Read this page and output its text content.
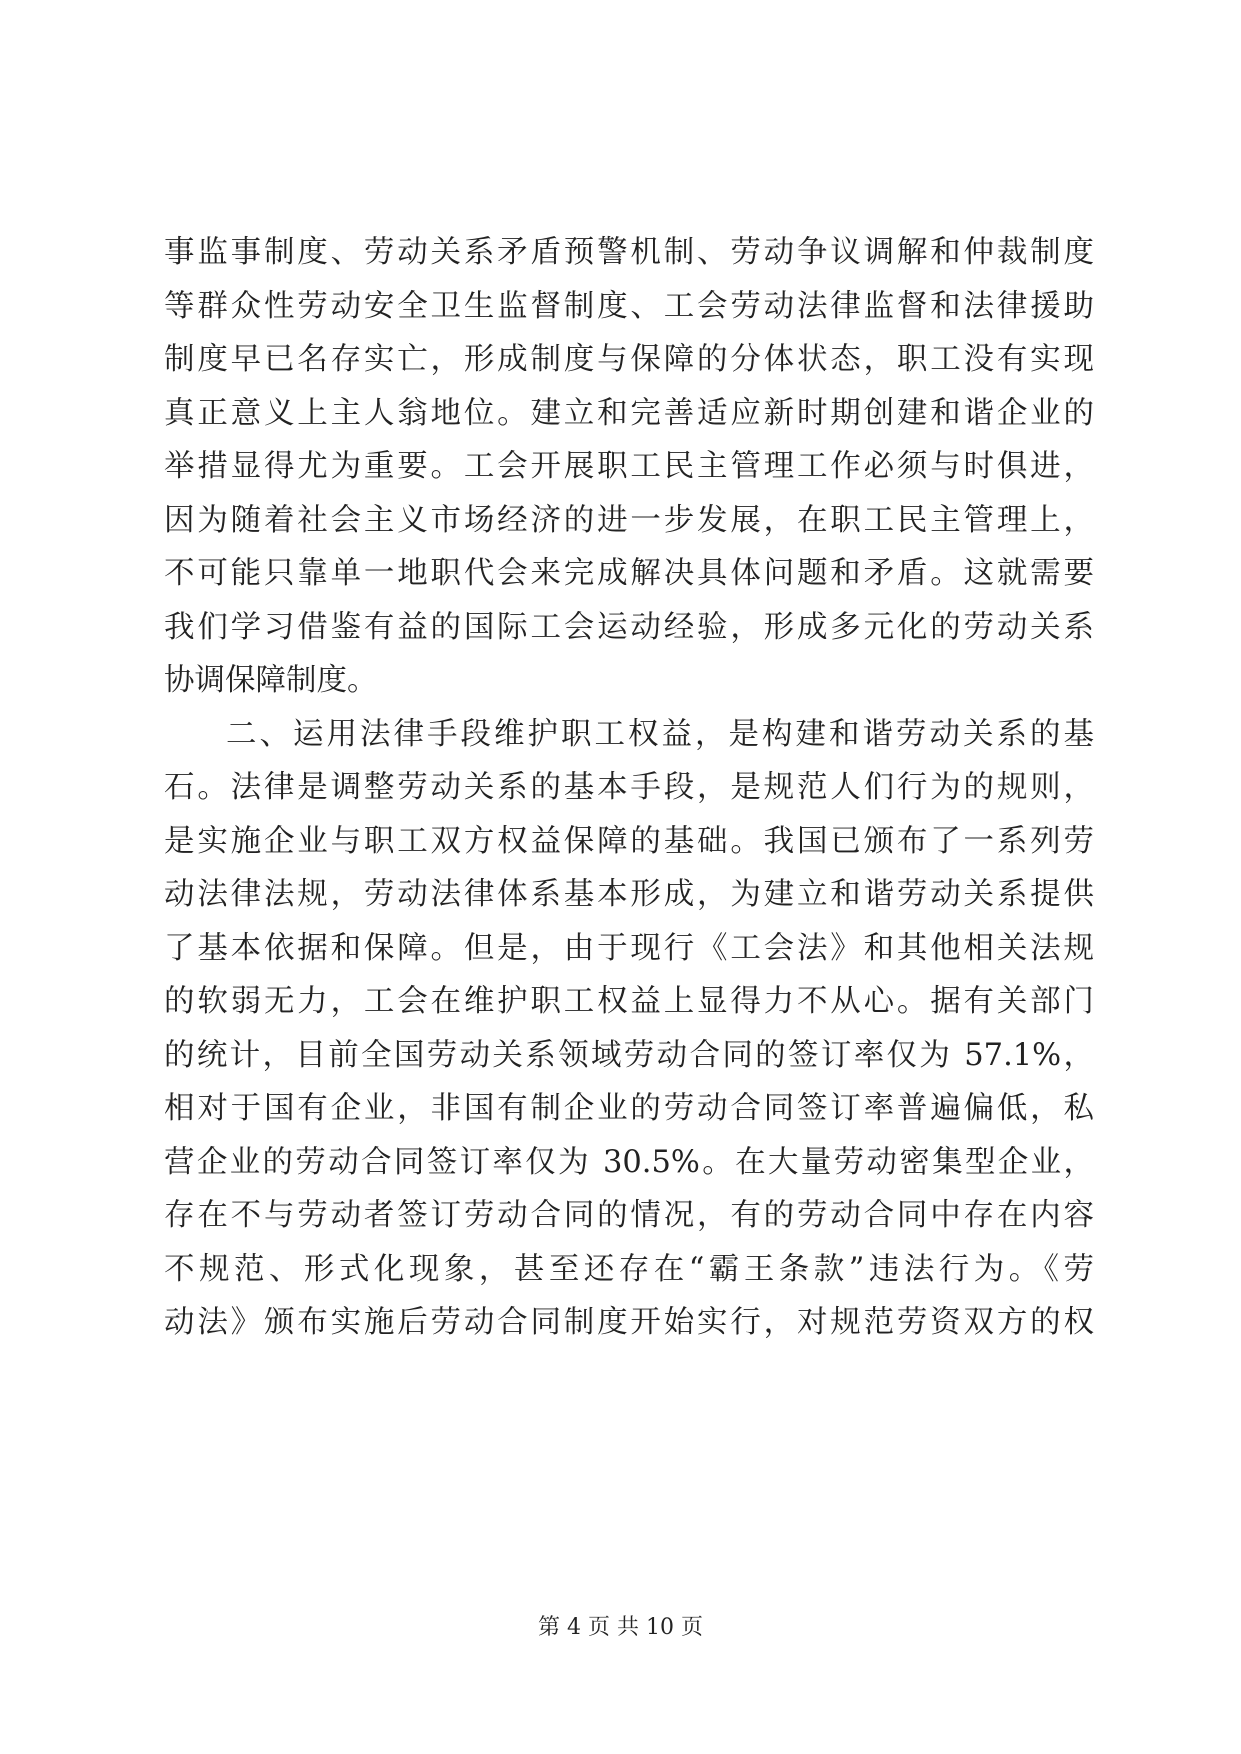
事监事制度、劳动关系矛盾预警机制、劳动争议调解和仲裁制度
等群众性劳动安全卫生监督制度、工会劳动法律监督和法律援助
制度早已名存实亡，形成制度与保障的分体状态，职工没有实现
真正意义上主人翁地位。建立和完善适应新时期创建和谐企业的
举措显得尤为重要。工会开展职工民主管理工作必须与时俱进，
因为随着社会主义市场经济的进一步发展，在职工民主管理上，
不可能只靠单一地职代会来完成解决具体问题和矛盾。这就需要
我们学习借鉴有益的国际工会运动经验，形成多元化的劳动关系
协调保障制度。
二、运用法律手段维护职工权益，是构建和谐劳动关系的基
石。法律是调整劳动关系的基本手段，是规范人们行为的规则，
是实施企业与职工双方权益保障的基础。我国已颁布了一系列劳
动法律法规，劳动法律体系基本形成，为建立和谐劳动关系提供
了基本依据和保障。但是，由于现行《工会法》和其他相关法规
的软弱无力，工会在维护职工权益上显得力不从心。据有关部门
的统计，目前全国劳动关系领域劳动合同的签订率仅为 57.1%，
相对于国有企业，非国有制企业的劳动合同签订率普遍偏低，私
营企业的劳动合同签订率仅为 30.5%。在大量劳动密集型企业，
存在不与劳动者签订劳动合同的情况，有的劳动合同中存在内容
不规范、形式化现象，甚至还存在“霸王条款”违法行为。《劳
动法》颁布实施后劳动合同制度开始实行，对规范劳资双方的权
第 4 页 共 10 页
